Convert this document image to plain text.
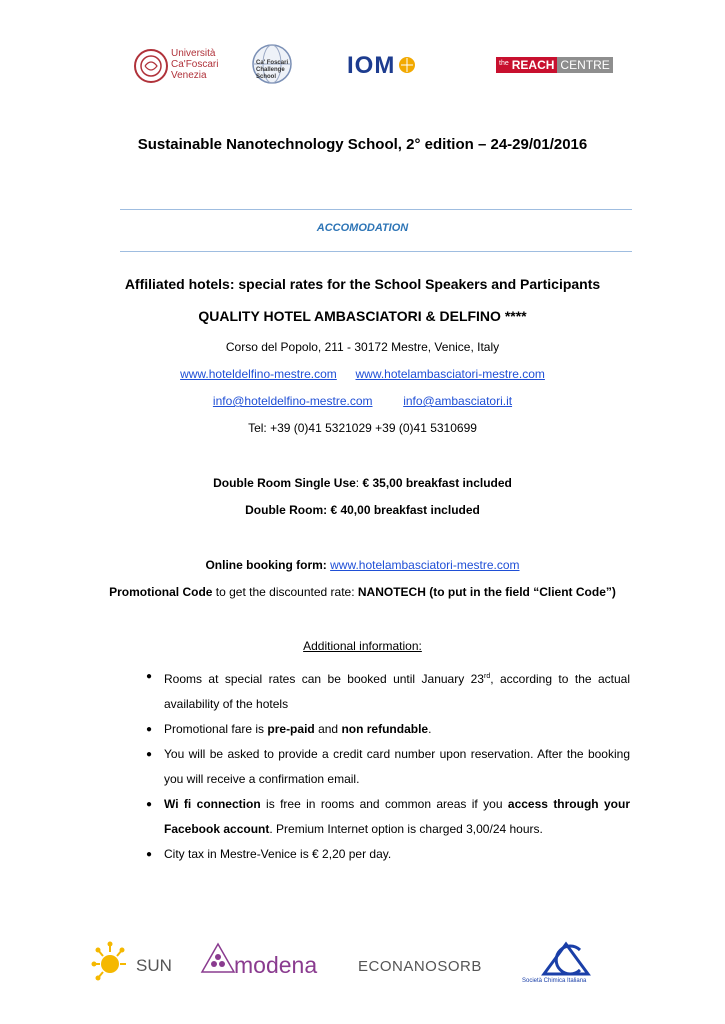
Università
Ca'Foscari
Venezia
Ca' Foscari
Challenge
School	IOM	the REACH CENTRE
Sustainable Nanotechnology School, 2° edition – 24-29/01/2016
ACCOMODATION
Affiliated hotels: special rates for the School Speakers and Participants
QUALITY HOTEL AMBASCIATORI & DELFINO ****
Corso del Popolo, 211 - 30172 Mestre, Venice, Italy
www.hoteldelfino-mestre.com www.hotelambasciatori-mestre.com
info@hoteldelfino-mestre.com	info@ambasciatori.it
Tel: +39 (0)41 5321029 +39 (0)41 5310699
Double Room Single Use: € 35,00 breakfast included
Double Room: € 40,00 breakfast included
Online booking form: www.hotelambasciatori-mestre.com
Promotional Code to get the discounted rate: NANOTECH (to put in the field “Client Code”)
Additional information:
● Rooms at special rates can be booked until January 23rd, according to the actual availability of the hotels
● Promotional fare is pre-paid and non refundable.
● You will be asked to provide a credit card number upon reservation. After the booking you will receive a confirmation email.
● Wi fi connection is free in rooms and common areas if you access through your Facebook account. Premium Internet option is charged 3,00/24 hours.
● City tax in Mestre-Venice is € 2,20 per day.
SUN	modena	ECONANOSORB
Società Chimica Italiana
